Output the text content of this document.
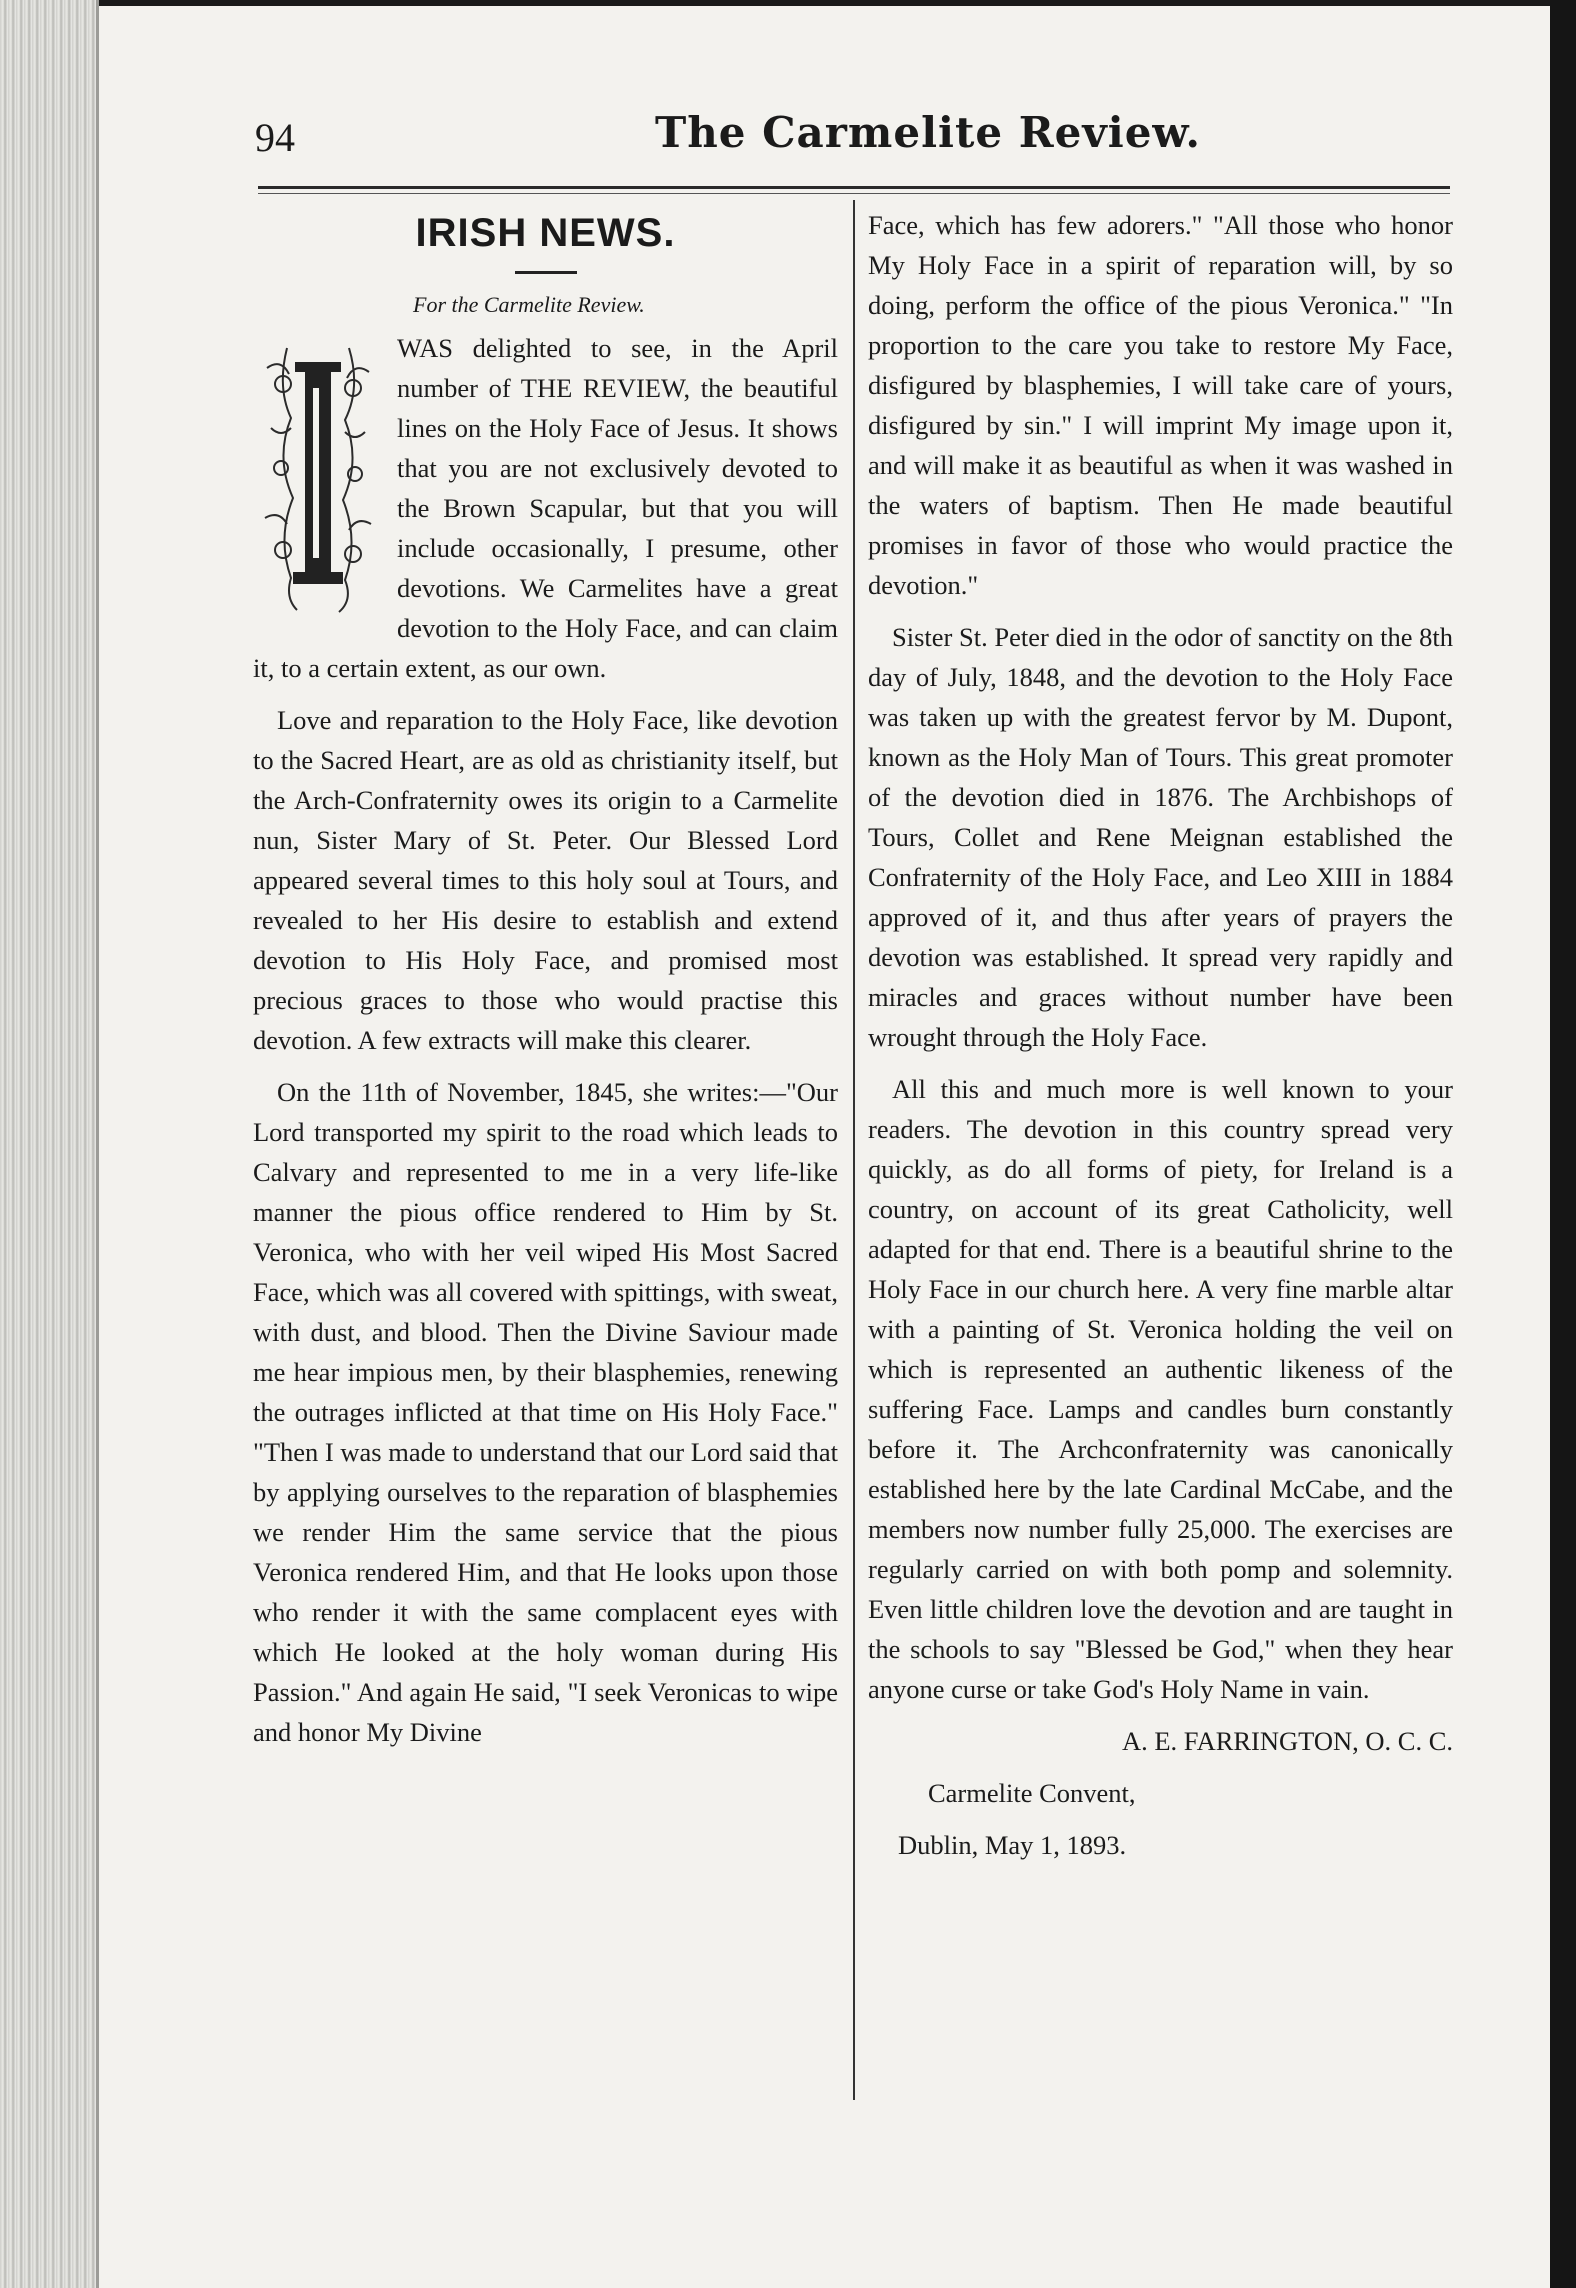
94	The Carmelite Review.
IRISH NEWS.
For the Carmelite Review.

WAS delighted to see, in the April number of THE REVIEW, the beautiful lines on the Holy Face of Jesus. It shows that you are not exclusively devoted to the Brown Scapular, but that you will include occasionally, I presume, other devotions. We Carmelites have a great devotion to the Holy Face, and can claim it, to a certain extent, as our own.

Love and reparation to the Holy Face, like devotion to the Sacred Heart, are as old as christianity itself, but the Arch-Confraternity owes its origin to a Carmelite nun, Sister Mary of St. Peter. Our Blessed Lord appeared several times to this holy soul at Tours, and revealed to her His desire to establish and extend devotion to His Holy Face, and promised most precious graces to those who would practise this devotion. A few extracts will make this clearer.

On the 11th of November, 1845, she writes:—"Our Lord transported my spirit to the road which leads to Calvary and represented to me in a very life-like manner the pious office rendered to Him by St. Veronica, who with her veil wiped His Most Sacred Face, which was all covered with spittings, with sweat, with dust, and blood. Then the Divine Saviour made me hear impious men, by their blasphemies, renewing the outrages inflicted at that time on His Holy Face." "Then I was made to understand that our Lord said that by applying ourselves to the reparation of blasphemies we render Him the same service that the pious Veronica rendered Him, and that He looks upon those who render it with the same complacent eyes with which He looked at the holy woman during His Passion." And again He said, "I seek Veronicas to wipe and honor My Divine

Face, which has few adorers." "All those who honor My Holy Face in a spirit of reparation will, by so doing, perform the office of the pious Veronica." "In proportion to the care you take to restore My Face, disfigured by blasphemies, I will take care of yours, disfigured by sin." I will imprint My image upon it, and will make it as beautiful as when it was washed in the waters of baptism. Then He made beautiful promises in favor of those who would practice the devotion."

Sister St. Peter died in the odor of sanctity on the 8th day of July, 1848, and the devotion to the Holy Face was taken up with the greatest fervor by M. Dupont, known as the Holy Man of Tours. This great promoter of the devotion died in 1876. The Archbishops of Tours, Collet and Rene Meignan established the Confraternity of the Holy Face, and Leo XIII in 1884 approved of it, and thus after years of prayers the devotion was established. It spread very rapidly and miracles and graces without number have been wrought through the Holy Face.

All this and much more is well known to your readers. The devotion in this country spread very quickly, as do all forms of piety, for Ireland is a country, on account of its great Catholicity, well adapted for that end. There is a beautiful shrine to the Holy Face in our church here. A very fine marble altar with a painting of St. Veronica holding the veil on which is represented an authentic likeness of the suffering Face. Lamps and candles burn constantly before it. The Archconfraternity was canonically established here by the late Cardinal McCabe, and the members now number fully 25,000. The exercises are regularly carried on with both pomp and solemnity. Even little children love the devotion and are taught in the schools to say "Blessed be God," when they hear anyone curse or take God's Holy Name in vain.

A. E. FARRINGTON, O. C. C.

Carmelite Convent,

Dublin, May 1, 1893.
